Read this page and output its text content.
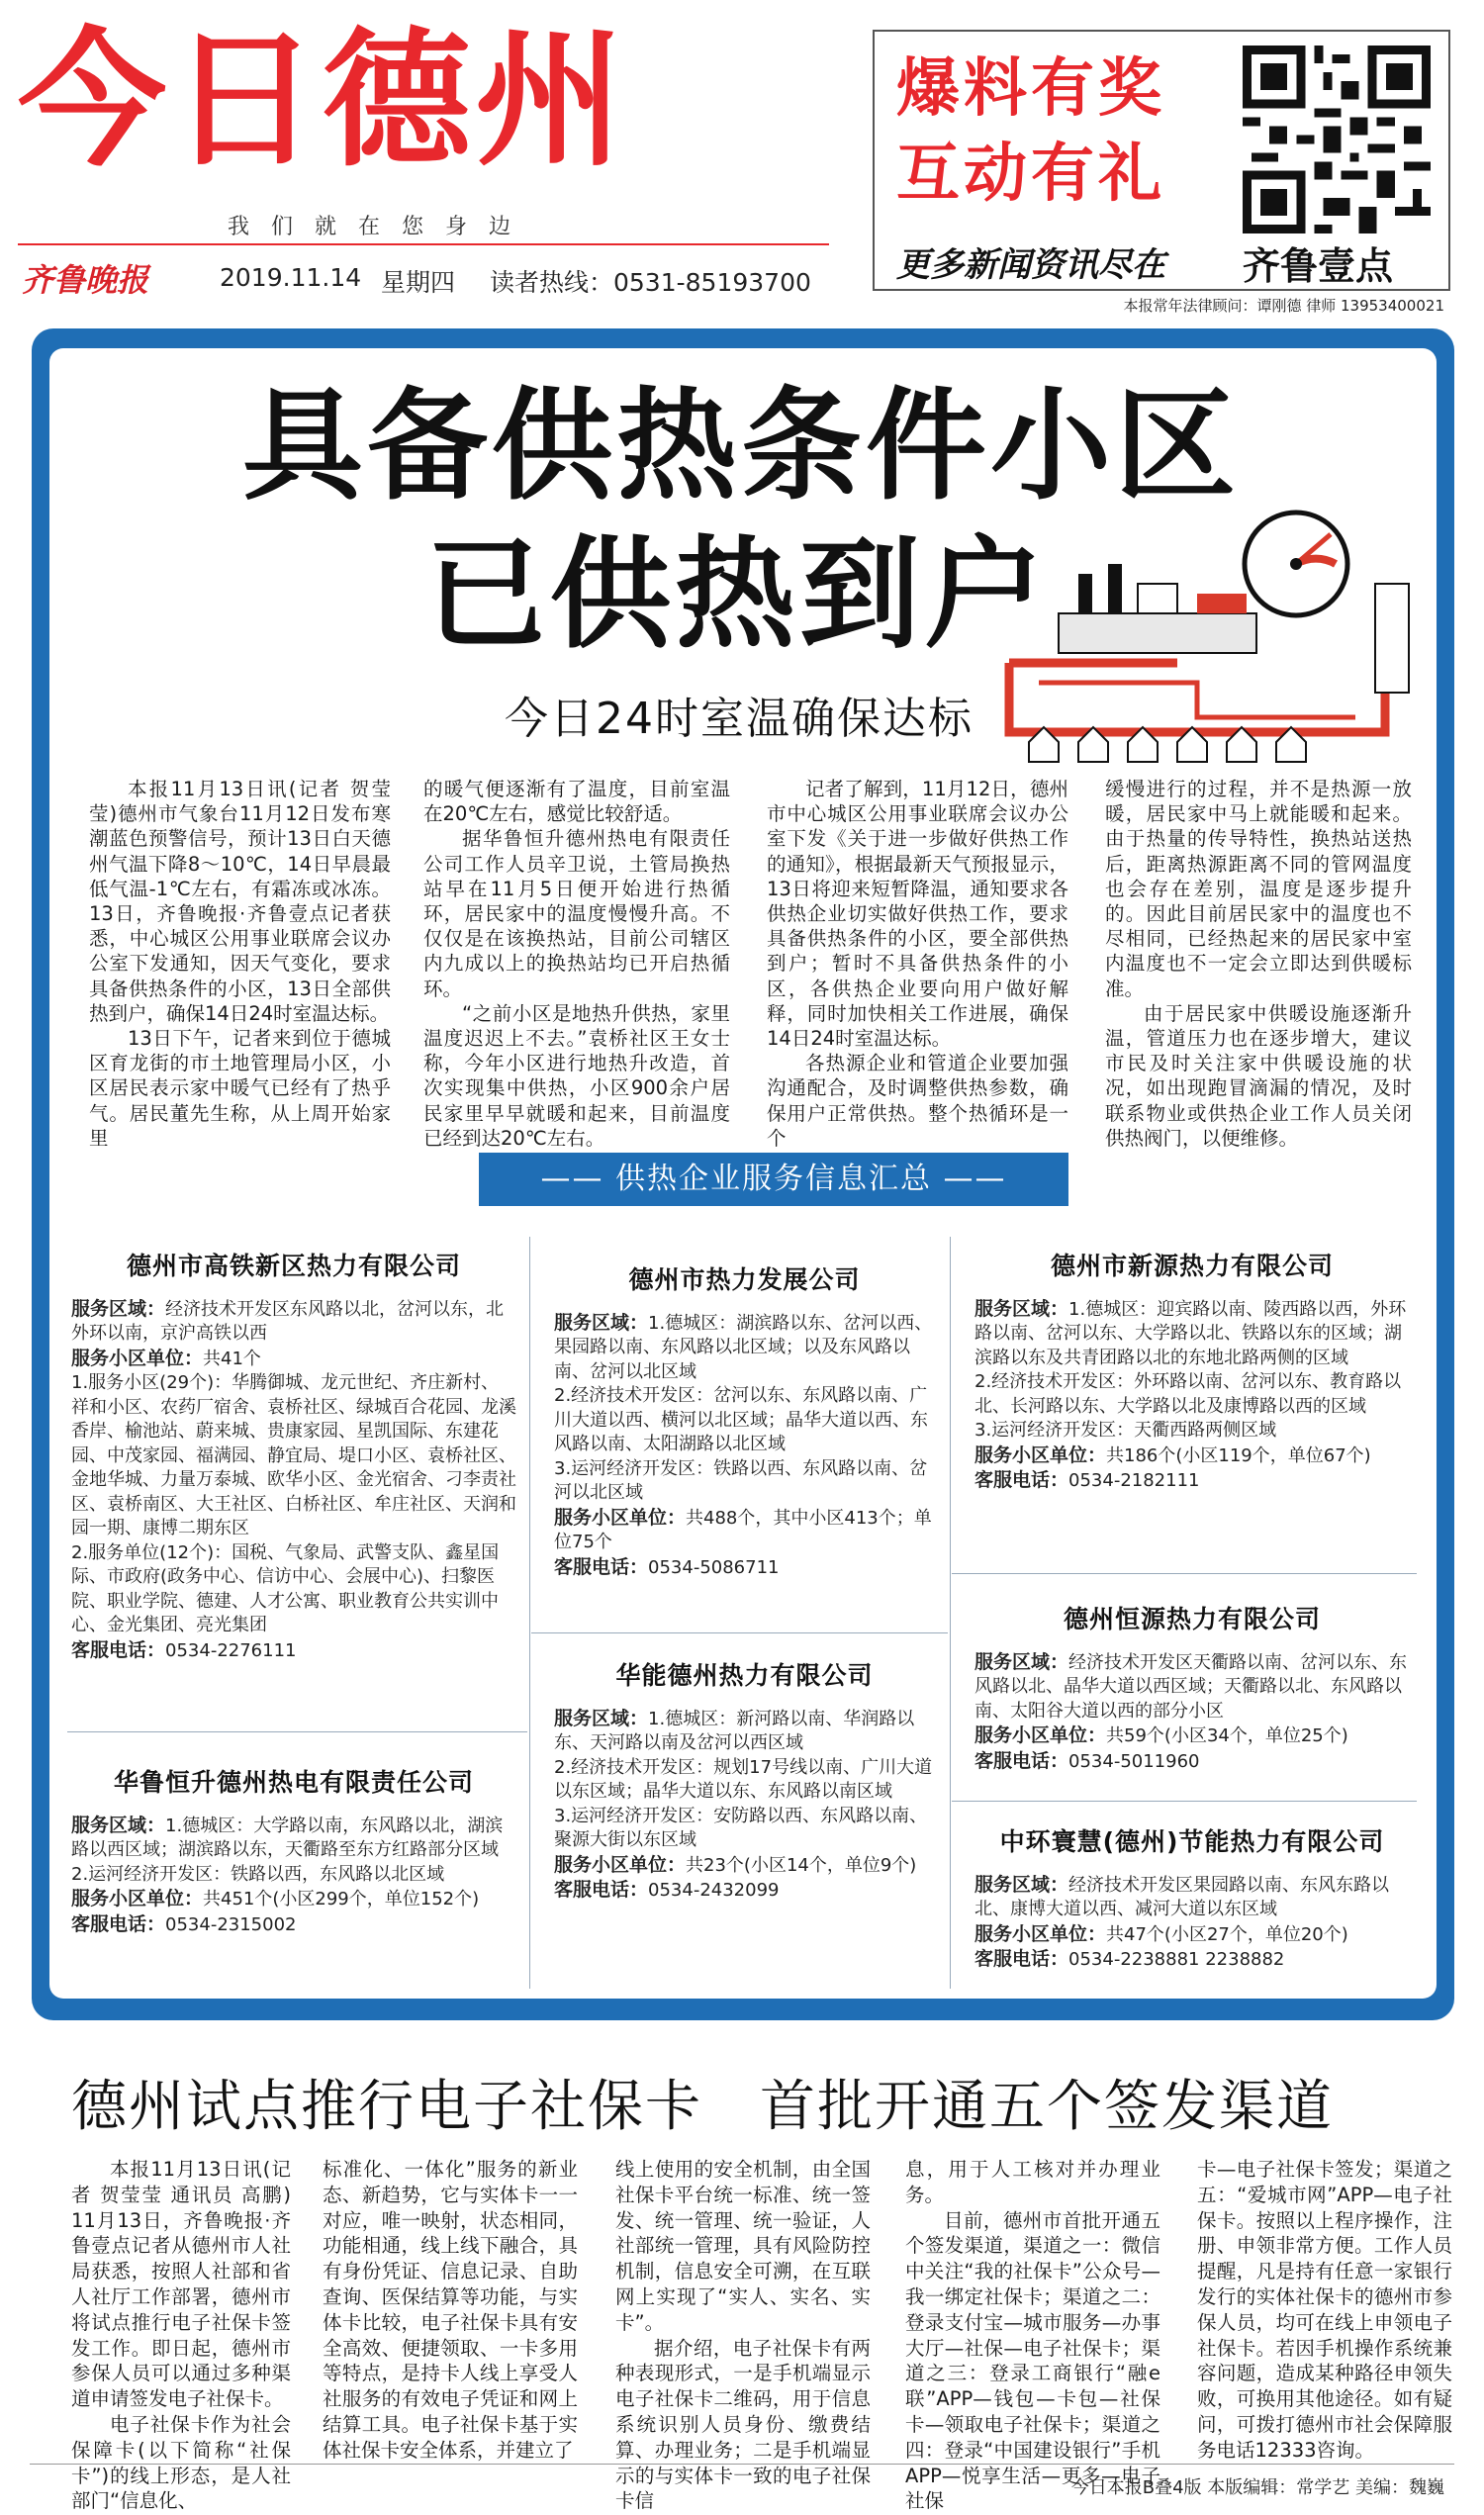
今日德州
我们就在您身边
齐鲁晚报	2019.11.14 星期四 读者热线：0531-85193700
爆料有奖
互动有礼
更多新闻资讯尽在 齐鲁壹点
本报常年法律顾问：谭刚德 律师 13953400021
具备供热条件小区
已供热到户
今日24时室温确保达标

本报11月13日讯(记者 贺莹莹)德州市气象台11月12日发布寒潮蓝色预警信号，预计13日白天德州气温下降8～10℃，14日早晨最低气温-1℃左右，有霜冻或冰冻。13日，齐鲁晚报·齐鲁壹点记者获悉，中心城区公用事业联席会议办公室下发通知，因天气变化，要求具备供热条件的小区，13日全部供热到户，确保14日24时室温达标。

13日下午，记者来到位于德城区育龙街的市土地管理局小区，小区居民表示家中暖气已经有了热乎气。居民董先生称，从上周开始家里

的暖气便逐渐有了温度，目前室温在20℃左右，感觉比较舒适。

据华鲁恒升德州热电有限责任公司工作人员辛卫说，土管局换热站早在11月5日便开始进行热循环，居民家中的温度慢慢升高。不仅仅是在该换热站，目前公司辖区内九成以上的换热站均已开启热循环。

“之前小区是地热升供热，家里温度迟迟上不去。”袁桥社区王女士称，今年小区进行地热升改造，首次实现集中供热，小区900余户居民家里早早就暖和起来，目前温度已经到达20℃左右。

记者了解到，11月12日，德州市中心城区公用事业联席会议办公室下发《关于进一步做好供热工作的通知》，根据最新天气预报显示，13日将迎来短暂降温，通知要求各供热企业切实做好供热工作，要求具备供热条件的小区，要全部供热到户；暂时不具备供热条件的小区，各供热企业要向用户做好解释，同时加快相关工作进展，确保14日24时室温达标。

各热源企业和管道企业要加强沟通配合，及时调整供热参数，确保用户正常供热。整个热循环是一个

缓慢进行的过程，并不是热源一放暖，居民家中马上就能暖和起来。由于热量的传导特性，换热站送热后，距离热源距离不同的管网温度也会存在差别，温度是逐步提升的。因此目前居民家中的温度也不尽相同，已经热起来的居民家中室内温度也不一定会立即达到供暖标准。

由于居民家中供暖设施逐渐升温，管道压力也在逐步增大，建议市民及时关注家中供暖设施的状况，如出现跑冒滴漏的情况，及时联系物业或供热企业工作人员关闭供热阀门，以便维修。

—— 供热企业服务信息汇总 ——
德州市高铁新区热力有限公司

服务区域：经济技术开发区东风路以北，岔河以东，北外环以南，京沪高铁以西

服务小区单位：共41个

1.服务小区(29个)：华腾御城、龙元世纪、齐庄新村、祥和小区、农药厂宿舍、袁桥社区、绿城百合花园、龙溪香岸、榆池站、蔚来城、贵康家园、星凯国际、东建花园、中茂家园、福满园、静宜局、堤口小区、袁桥社区、金地华城、力量万泰城、欧华小区、金光宿舍、刁李责社区、袁桥南区、大王社区、白桥社区、牟庄社区、天润和园一期、康博二期东区

2.服务单位(12个)：国税、气象局、武警支队、鑫星国际、市政府(政务中心、信访中心、会展中心)、扫黎医院、职业学院、德建、人才公寓、职业教育公共实训中心、金光集团、亮光集团

客服电话：0534-2276111

德州市热力发展公司

服务区域：1.德城区：湖滨路以东、岔河以西、果园路以南、东风路以北区域；以及东风路以南、岔河以北区域

2.经济技术开发区：岔河以东、东风路以南、广川大道以西、横河以北区域；晶华大道以西、东风路以南、太阳湖路以北区域

3.运河经济开发区：铁路以西、东风路以南、岔河以北区域

服务小区单位：共488个，其中小区413个；单位75个

客服电话：0534-5086711

德州市新源热力有限公司

服务区域：1.德城区：迎宾路以南、陵西路以西，外环路以南、岔河以东、大学路以北、铁路以东的区域；湖滨路以东及共青团路以北的东地北路两侧的区域

2.经济技术开发区：外环路以南、岔河以东、教育路以北、长河路以东、大学路以北及康博路以西的区域

3.运河经济开发区：天衢西路两侧区域

服务小区单位：共186个(小区119个，单位67个)

客服电话：0534-2182111

华鲁恒升德州热电有限责任公司

服务区域：1.德城区：大学路以南，东风路以北，湖滨路以西区域；湖滨路以东，天衢路至东方红路部分区域

2.运河经济开发区：铁路以西，东风路以北区域

服务小区单位：共451个(小区299个，单位152个)

客服电话：0534-2315002

华能德州热力有限公司

服务区域：1.德城区：新河路以南、华润路以东、天河路以南及岔河以西区域

2.经济技术开发区：规划17号线以南、广川大道以东区域；晶华大道以东、东风路以南区域

3.运河经济开发区：安防路以西、东风路以南、聚源大街以东区域

服务小区单位：共23个(小区14个，单位9个)

客服电话：0534-2432099

德州恒源热力有限公司

服务区域：经济技术开发区天衢路以南、岔河以东、东风路以北、晶华大道以西区域；天衢路以北、东风路以南、太阳谷大道以西的部分小区

服务小区单位：共59个(小区34个，单位25个)

客服电话：0534-5011960

中环寰慧(德州)节能热力有限公司

服务区域：经济技术开发区果园路以南、东风东路以北、康博大道以西、减河大道以东区域

服务小区单位：共47个(小区27个，单位20个)

客服电话：0534-2238881 2238882

德州试点推行电子社保卡　首批开通五个签发渠道

本报11月13日讯(记者 贺莹莹 通讯员 高鹏) 11月13日，齐鲁晚报·齐鲁壹点记者从德州市人社局获悉，按照人社部和省人社厅工作部署，德州市将试点推行电子社保卡签发工作。即日起，德州市参保人员可以通过多种渠道申请签发电子社保卡。

电子社保卡作为社会保障卡(以下简称“社保卡”)的线上形态，是人社部门“信息化、

标准化、一体化”服务的新业态、新趋势，它与实体卡一一对应，唯一映射，状态相同，功能相通，线上线下融合，具有身份凭证、信息记录、自助查询、医保结算等功能，与实体卡比较，电子社保卡具有安全高效、便捷领取、一卡多用等特点，是持卡人线上享受人社服务的有效电子凭证和网上结算工具。电子社保卡基于实体社保卡安全体系，并建立了

线上使用的安全机制，由全国社保卡平台统一标准、统一签发、统一管理、统一验证，人社部统一管理，具有风险防控机制，信息安全可溯，在互联网上实现了“实人、实名、实卡”。

据介绍，电子社保卡有两种表现形式，一是手机端显示电子社保卡二维码，用于信息系统识别人员身份、缴费结算、办理业务；二是手机端显示的与实体卡一致的电子社保卡信

息，用于人工核对并办理业务。

目前，德州市首批开通五个签发渠道，渠道之一：微信中关注“我的社保卡”公众号—我一绑定社保卡；渠道之二：登录支付宝—城市服务—办事大厅—社保—电子社保卡；渠道之三：登录工商银行“融e联”APP—钱包—卡包—社保卡—领取电子社保卡；渠道之四：登录“中国建设银行”手机APP—悦享生活—更多—电子社保

卡—电子社保卡签发；渠道之五：“爱城市网”APP—电子社保卡。按照以上程序操作，注册、申领非常方便。工作人员提醒，凡是持有任意一家银行发行的实体社保卡的德州市参保人员，均可在线上申领电子社保卡。若因手机操作系统兼容问题，造成某种路径申领失败，可换用其他途径。如有疑问，可拨打德州市社会保障服务电话12333咨询。

今日本报B叠4版 本版编辑：常学艺 美编：魏巍
